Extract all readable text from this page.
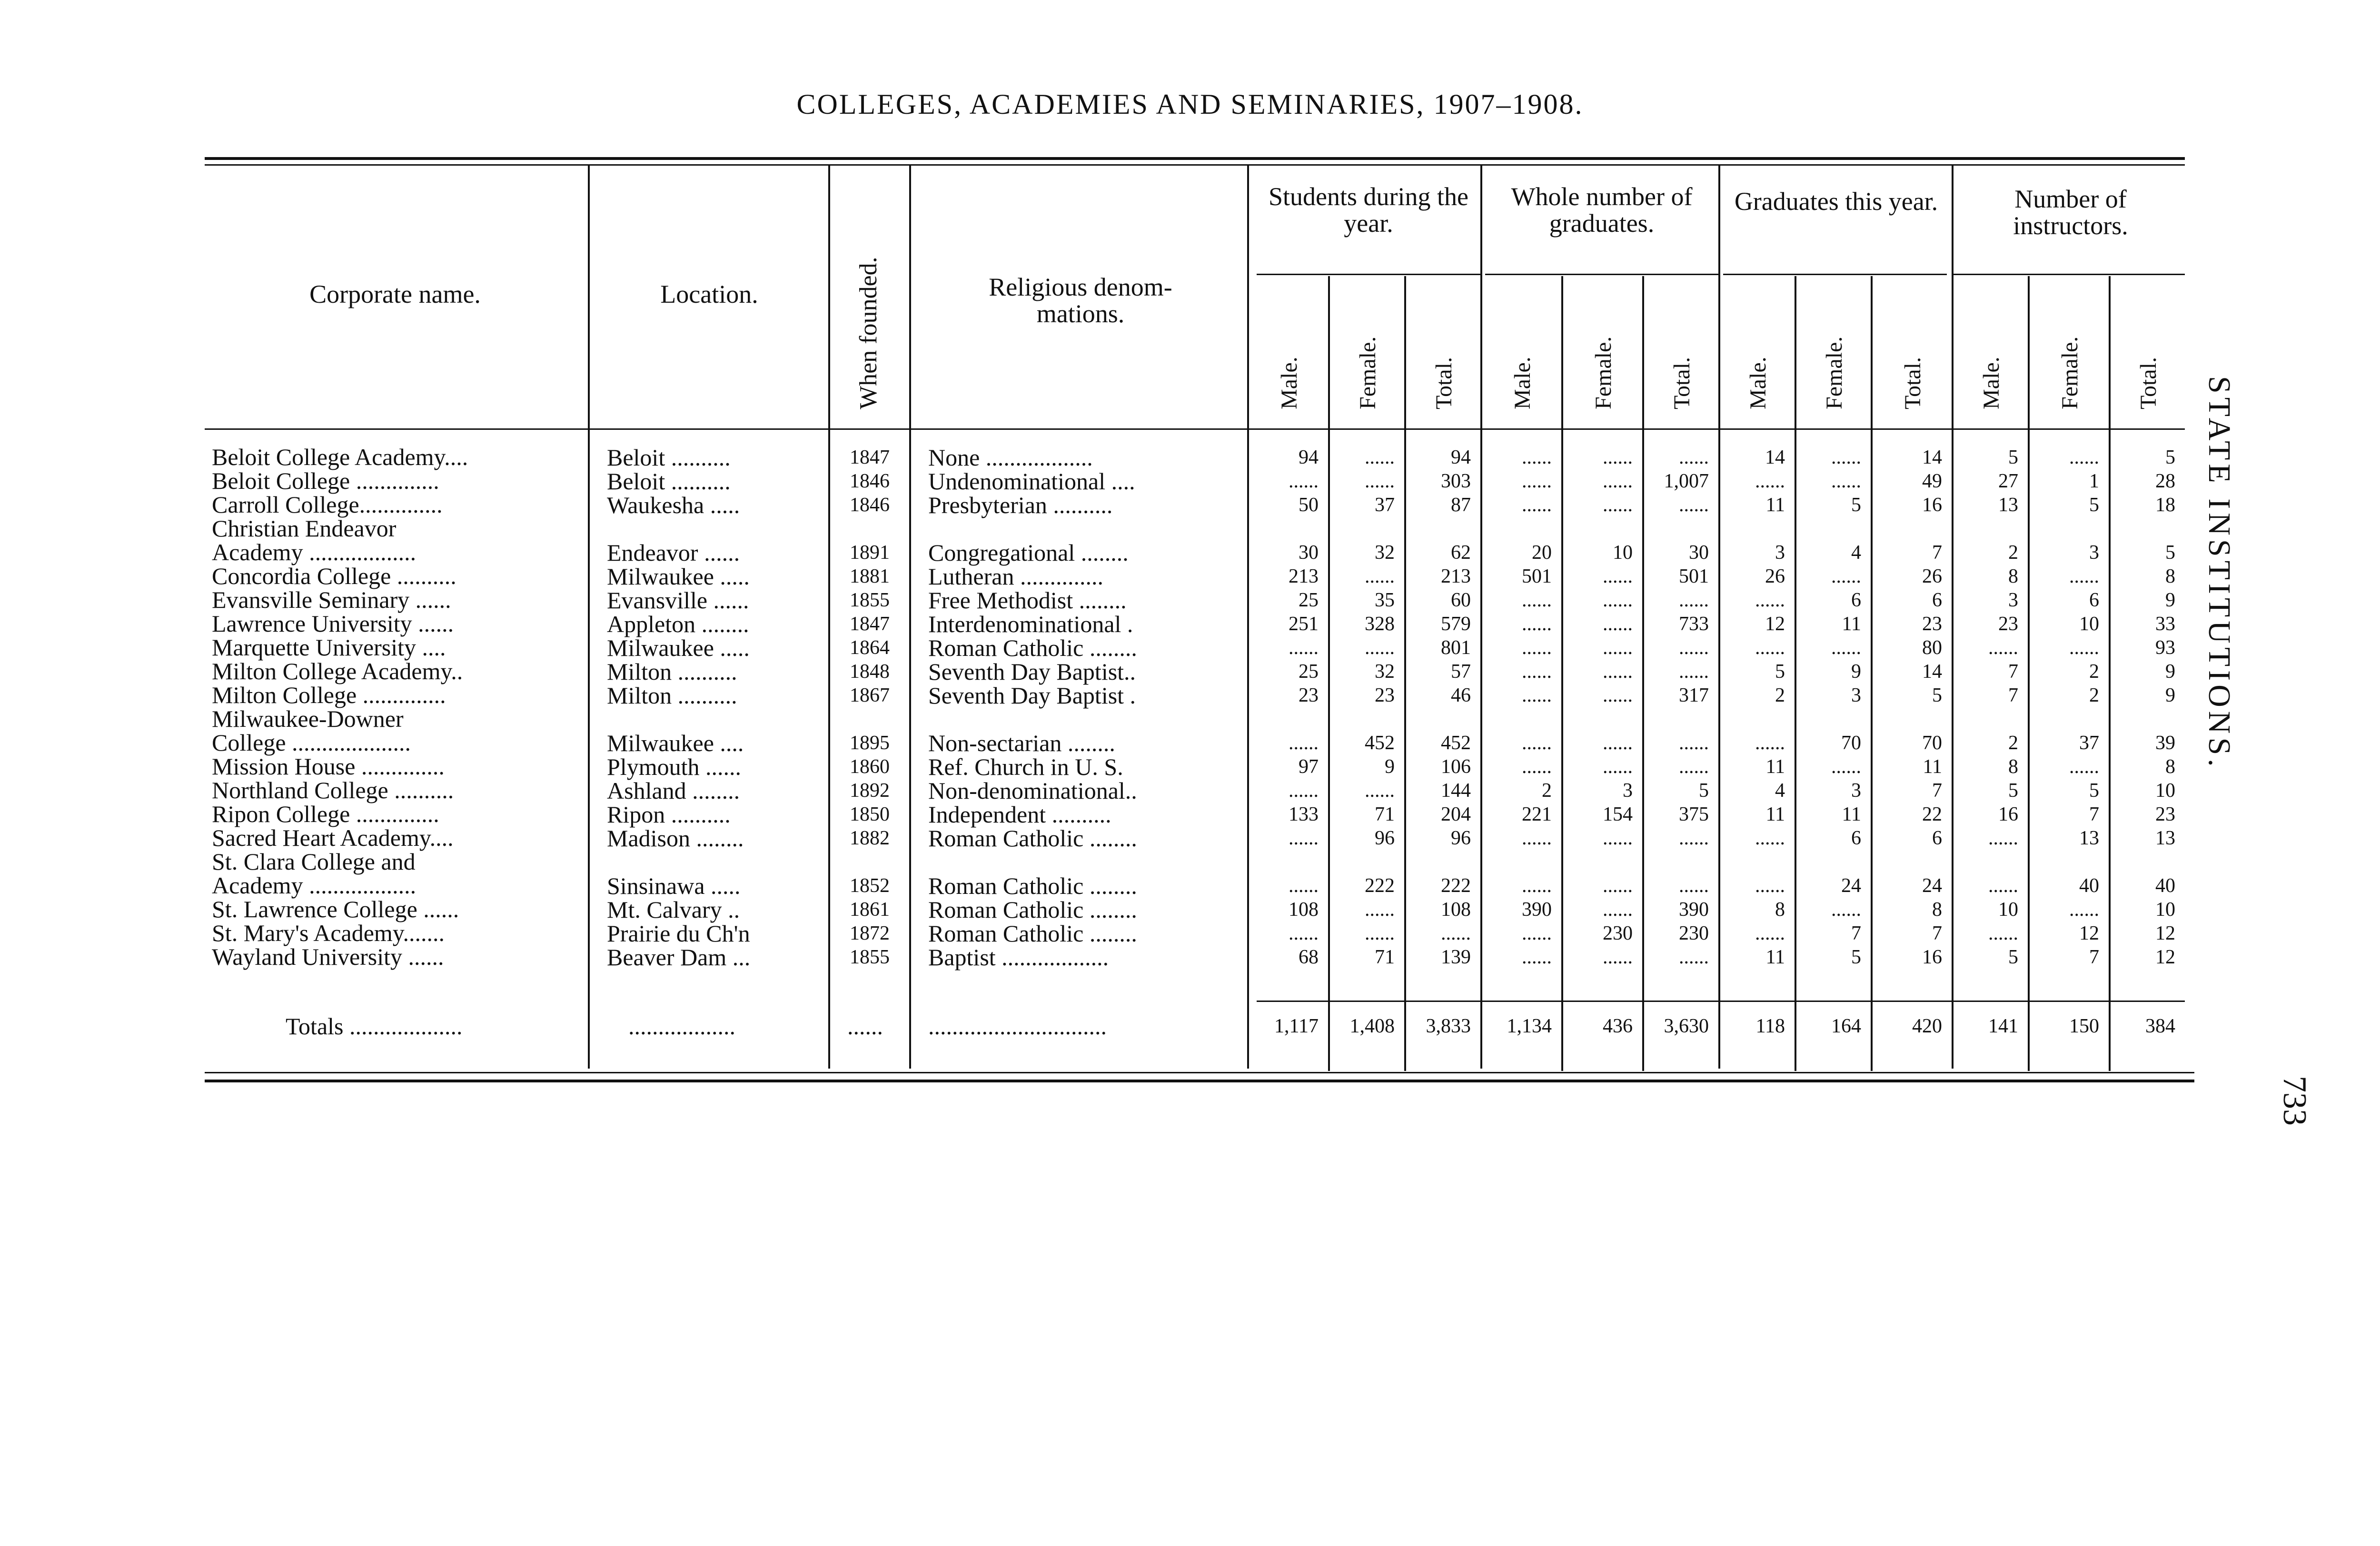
COLLEGES, ACADEMIES AND SEMINARIES, 1907–1908.
Corporate name.	Location.	When founded.	Religious denom-
mations.
Students during the year.
Whole number of graduates.
Graduates this year.	Number of instructors.
STATE INSTITUTIONS.
733
Male. Female. Total. Male. Female. Total. Male. Female. Total. Male. Female. Total.
Beloit College Academy....	Beloit ..........	1847 None ..................	94	......	94	......	......	......	14	......	14	5	......	5
Beloit College ..............	Beloit ..........	1846 Undenominational ....	......	......	303	......	......	1,007	......	......	49	27	1	28
Carroll College..............	Waukesha .....	1846 Presbyterian ..........	50	37	87	......	......	......	11	5	16	13	5	18
Christian Endeavor
Academy ..................	Endeavor ......	1891 Congregational ........	30	32	62	20	10	30	3	4	7	2	3	5
Concordia College ..........	Milwaukee .....	1881 Lutheran ..............	213	......	213	501	......	501	26	......	26	8	......	8
Evansville Seminary ......	Evansville ......	1855 Free Methodist ........	25	35	60	......	......	......	......	6	6	3	6	9
Lawrence University ......	Appleton ........	1847 Interdenominational .	251	328	579	......	......	733	12	11	23	23	10	33
Marquette University ....	Milwaukee .....	1864 Roman Catholic ........	......	......	801	......	......	......	......	......	80	......	......	93
Milton College Academy..	Milton ..........	1848 Seventh Day Baptist..	25	32	57	......	......	......	5	9	14	7	2	9
Milton College ..............	Milton ..........	1867 Seventh Day Baptist .	23	23	46	......	......	317	2	3	5	7	2	9
Milwaukee-Downer
College ....................	Milwaukee ....	1895 Non-sectarian ........	......	452	452	......	......	......	......	70	70	2	37	39
Mission House ..............	Plymouth ......	1860 Ref. Church in U. S.	97	9	106	......	......	......	11	......	11	8	......	8
Northland College ..........	Ashland ........	1892 Non-denominational..	......	......	144	2	3	5	4	3	7	5	5	10
Ripon College ..............	Ripon ..........	1850 Independent ..........	133	71	204	221	154	375	11	11	22	16	7	23
Sacred Heart Academy....	Madison ........	1882 Roman Catholic ........	......	96	96	......	......	......	......	6	6	......	13	13
St. Clara College and
Academy ..................	Sinsinawa .....	1852 Roman Catholic ........	......	222	222	......	......	......	......	24	24	......	40	40
St. Lawrence College ......	Mt. Calvary ..	1861 Roman Catholic ........	108	......	108	390	......	390	8	......	8	10	......	10
St. Mary's Academy.......	Prairie du Ch'n	1872 Roman Catholic ........	......	......	......	......	230	230	......	7	7	......	12	12
Wayland University ......	Beaver Dam ...	1855 Baptist ..................	68	71	139	......	......	......	11	5	16	5	7	12
Totals ...................	..................	...... ..............................	1,117	1,408	3,833	1,134	436	3,630	118	164	420	141	150	384
